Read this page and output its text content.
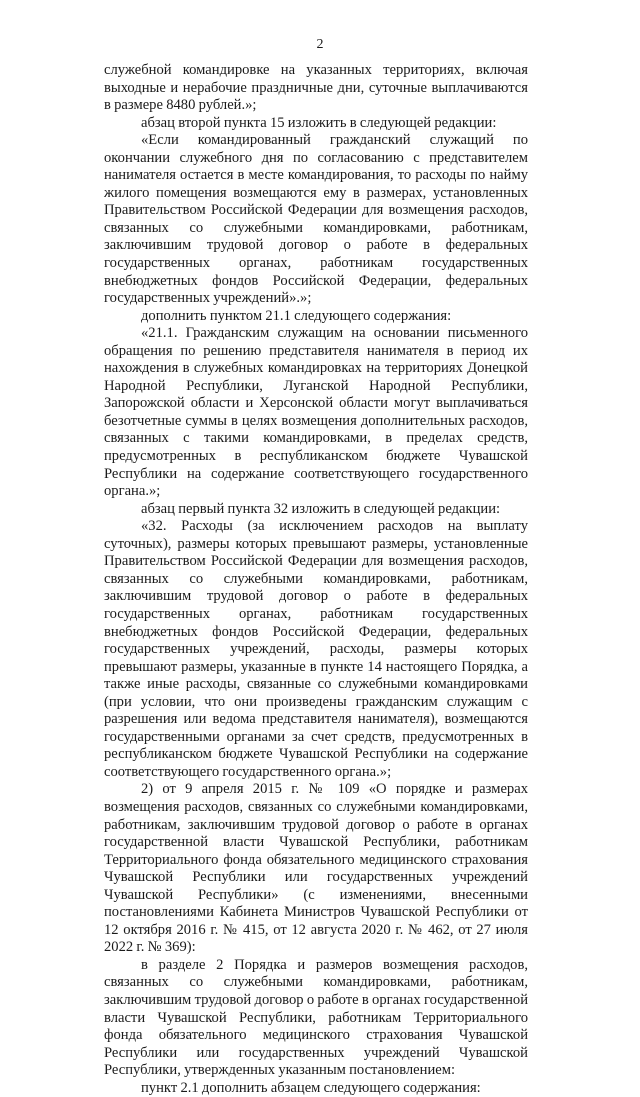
2

служебной командировке на указанных территориях, включая выходные и нерабочие праздничные дни, суточные выплачиваются в размере 8480 рублей.»;

абзац второй пункта 15 изложить в следующей редакции:

«Если командированный гражданский служащий по окончании служебного дня по согласованию с представителем нанимателя остается в месте командирования, то расходы по найму жилого помещения возмещаются ему в размерах, установленных Правительством Российской Федерации для возмещения расходов, связанных со служебными командировками, работникам, заключившим трудовой договор о работе в федеральных государственных органах, работникам государственных внебюджетных фондов Российской Федерации, федеральных государственных учреждений».»;

дополнить пунктом 21.1 следующего содержания:

«21.1. Гражданским служащим на основании письменного обращения по решению представителя нанимателя в период их нахождения в служебных командировках на территориях Донецкой Народной Республики, Луганской Народной Республики, Запорожской области и Херсонской области могут выплачиваться безотчетные суммы в целях возмещения дополнительных расходов, связанных с такими командировками, в пределах средств, предусмотренных в республиканском бюджете Чувашской Республики на содержание соответствующего государственного органа.»;

абзац первый пункта 32 изложить в следующей редакции:

«32. Расходы (за исключением расходов на выплату суточных), размеры которых превышают размеры, установленные Правительством Российской Федерации для возмещения расходов, связанных со служебными командировками, работникам, заключившим трудовой договор о работе в федеральных государственных органах, работникам государственных внебюджетных фондов Российской Федерации, федеральных государственных учреждений, расходы, размеры которых превышают размеры, указанные в пункте 14 настоящего Порядка, а также иные расходы, связанные со служебными командировками (при условии, что они произведены гражданским служащим с разрешения или ведома представителя нанимателя), возмещаются государственными органами за счет средств, предусмотренных в республиканском бюджете Чувашской Республики на содержание соответствующего государственного органа.»;

2) от 9 апреля 2015 г. № 109 «О порядке и размерах возмещения расходов, связанных со служебными командировками, работникам, заключившим трудовой договор о работе в органах государственной власти Чувашской Республики, работникам Территориального фонда обязательного медицинского страхования Чувашской Республики или государственных учреждений Чувашской Республики» (с изменениями, внесенными постановлениями Кабинета Министров Чувашской Республики от 12 октября 2016 г. № 415, от 12 августа 2020 г. № 462, от 27 июля 2022 г. № 369):

в разделе 2 Порядка и размеров возмещения расходов, связанных со служебными командировками, работникам, заключившим трудовой договор о работе в органах государственной власти Чувашской Республики, работникам Территориального фонда обязательного медицинского страхования Чувашской Республики или государственных учреждений Чувашской Республики, утвержденных указанным постановлением:

пункт 2.1 дополнить абзацем следующего содержания:
